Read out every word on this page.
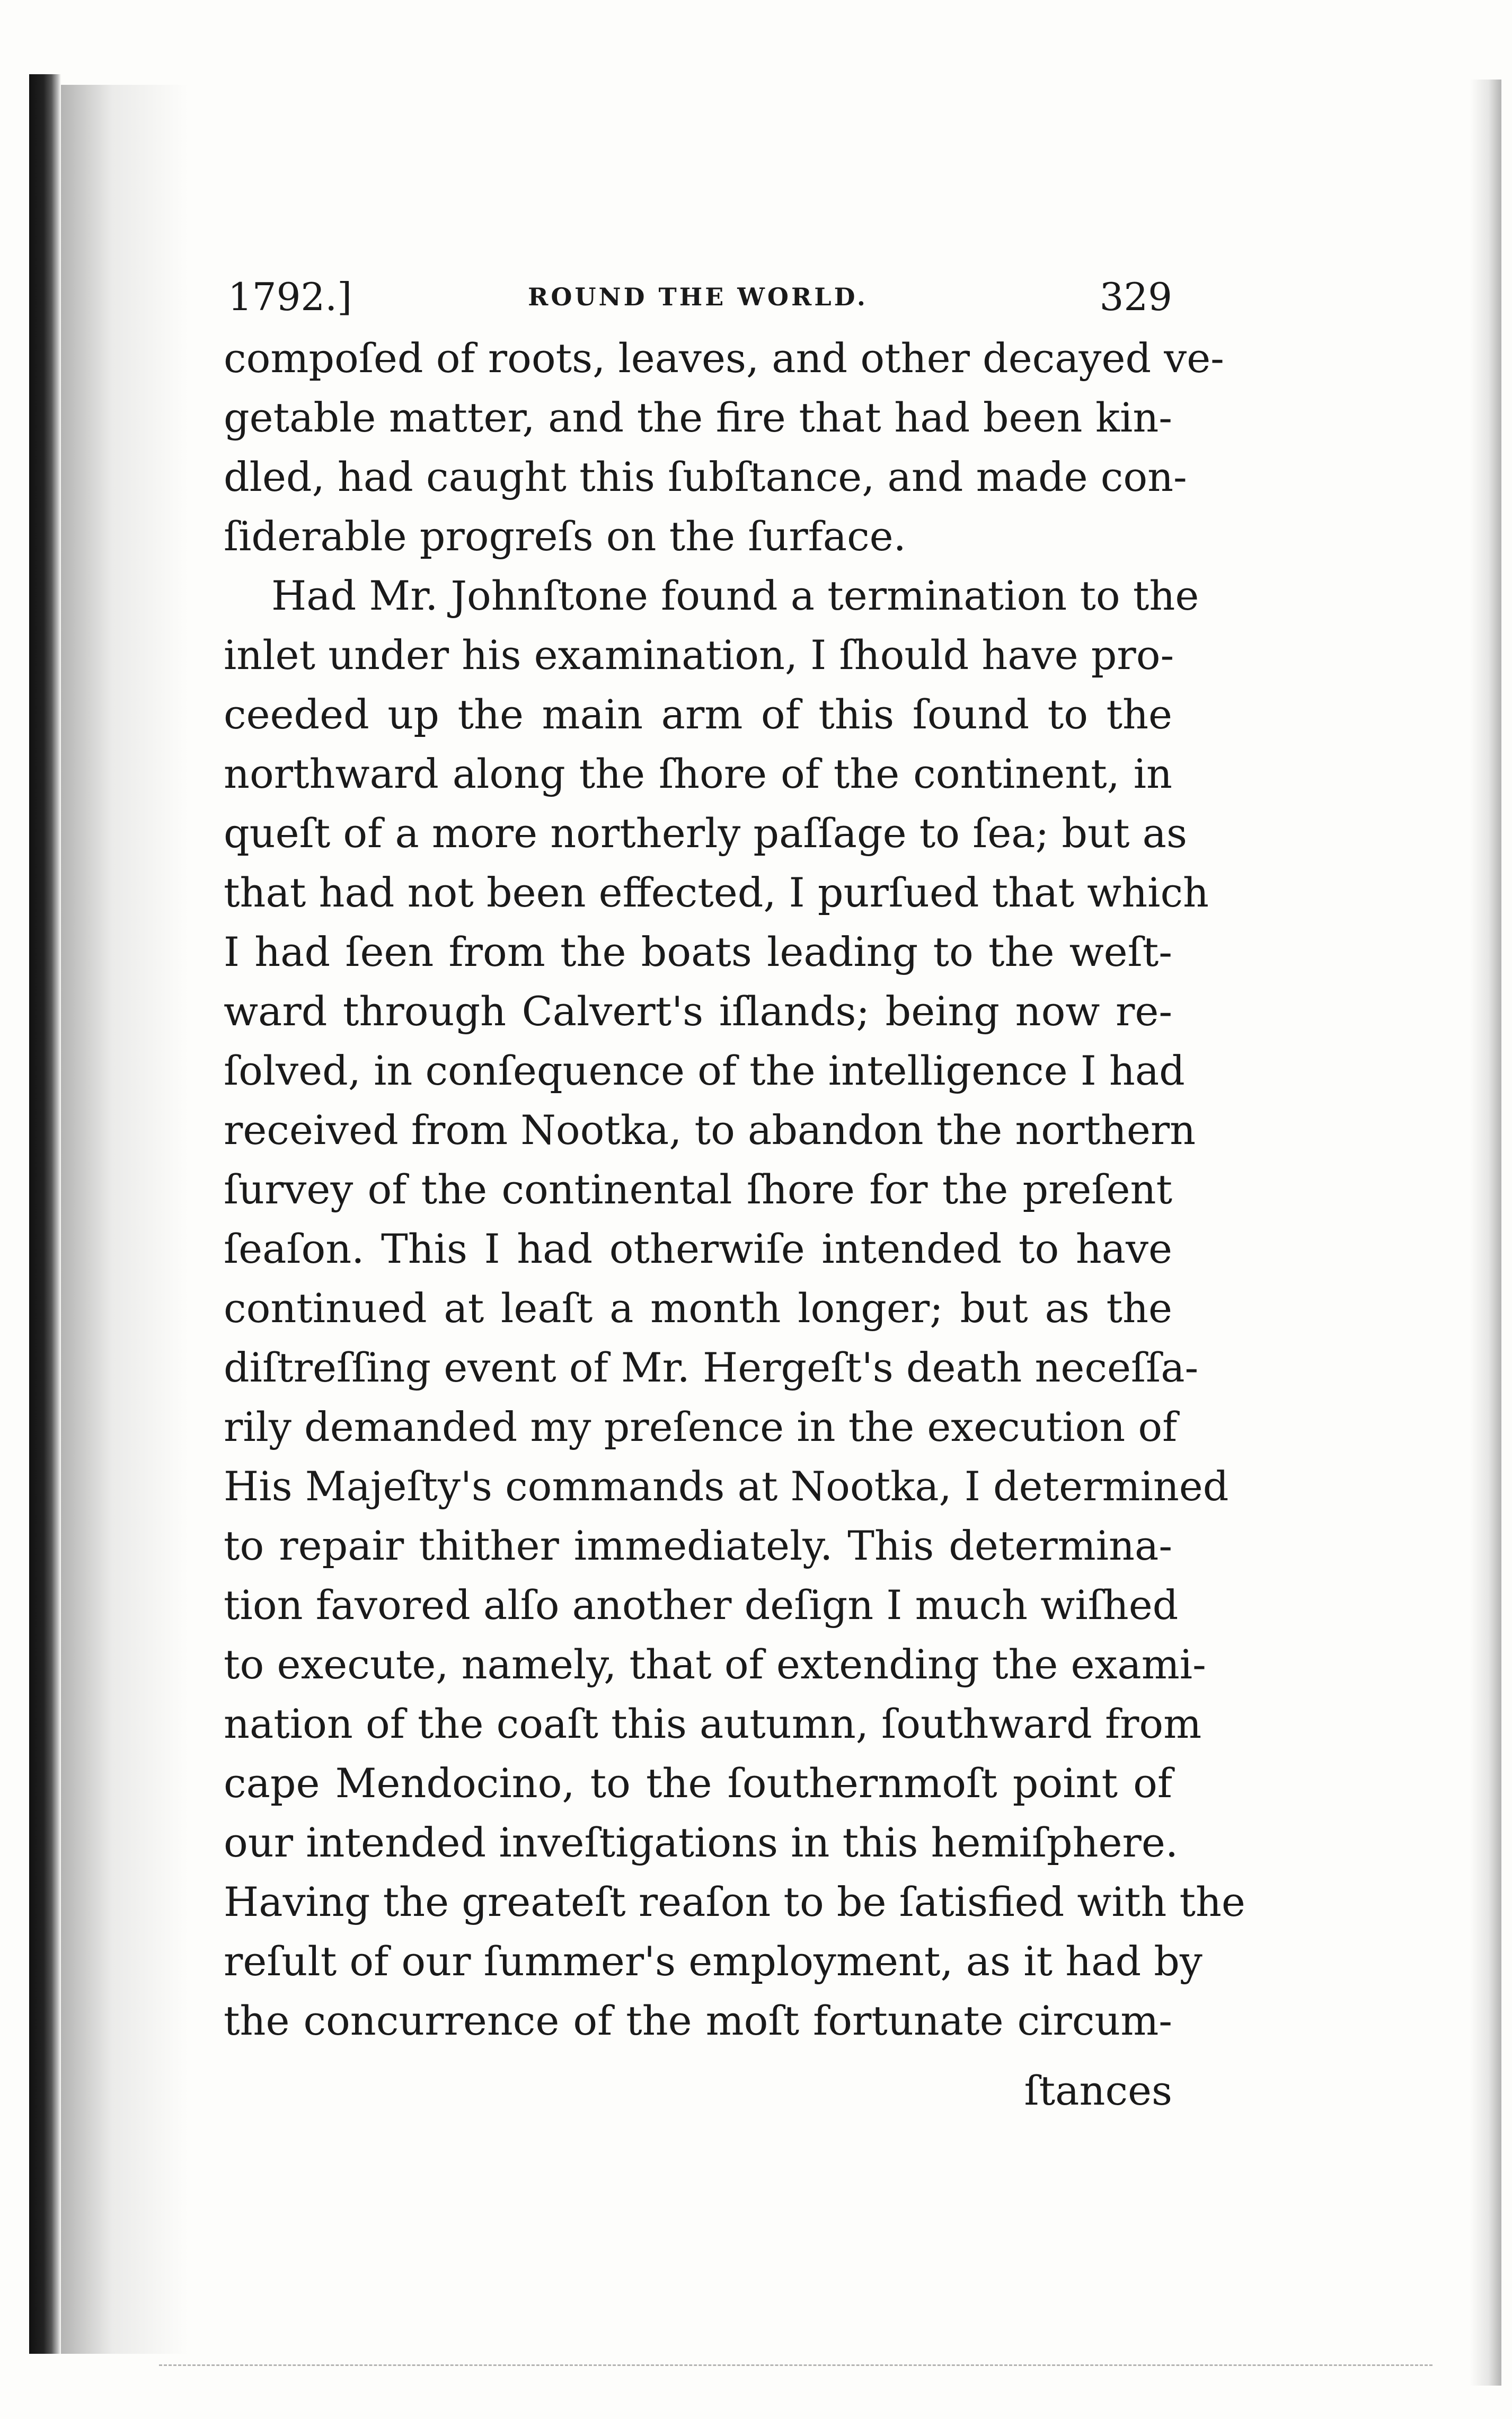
1792.]	ROUND THE WORLD.	329
compoſed of roots, leaves, and other decayed ve-
getable matter, and the fire that had been kin-
dled, had caught this ſubſtance, and made con-
ſiderable progreſs on the ſurface.
Had Mr. Johnſtone found a termination to the
inlet under his examination, I ſhould have pro-
ceeded up the main arm of this ſound to the
northward along the ſhore of the continent, in
queſt of a more northerly paſſage to ſea; but as
that had not been effected, I purſued that which
I had ſeen from the boats leading to the weſt-
ward through Calvert's iſlands; being now re-
ſolved, in conſequence of the intelligence I had
received from Nootka, to abandon the northern
ſurvey of the continental ſhore for the preſent
ſeaſon. This I had otherwiſe intended to have
continued at leaſt a month longer; but as the
diſtreſſing event of Mr. Hergeſt's death neceſſa-
rily demanded my preſence in the execution of
His Majeſty's commands at Nootka, I determined
to repair thither immediately. This determina-
tion favored alſo another deſign I much wiſhed
to execute, namely, that of extending the exami-
nation of the coaſt this autumn, ſouthward from
cape Mendocino, to the ſouthernmoſt point of
our intended inveſtigations in this hemiſphere.
Having the greateſt reaſon to be ſatisfied with the
reſult of our ſummer's employment, as it had by
the concurrence of the moſt fortunate circum-
ſtances
